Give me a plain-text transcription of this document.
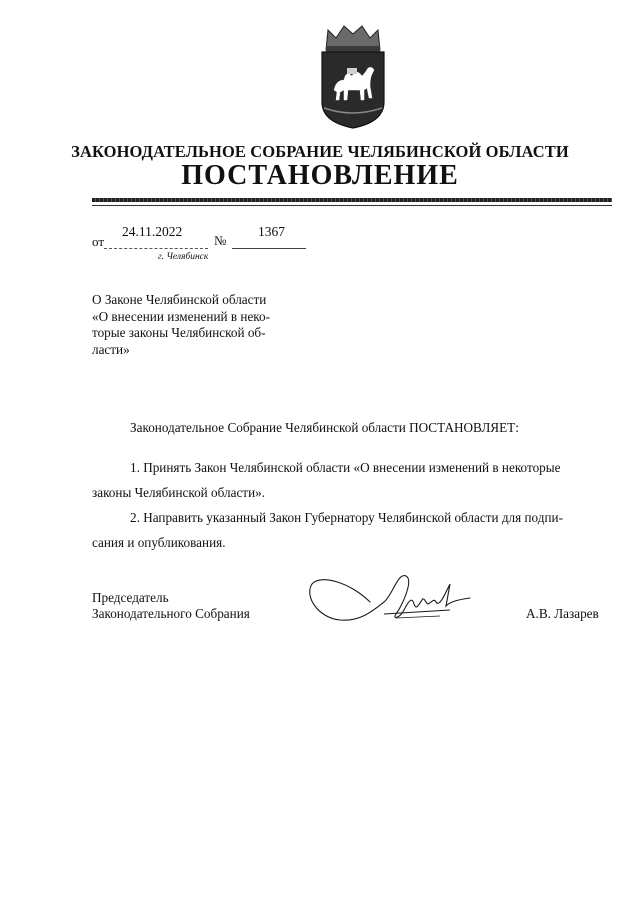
ЗАКОНОДАТЕЛЬНОЕ СОБРАНИЕ ЧЕЛЯБИНСКОЙ ОБЛАСТИ
ПОСТАНОВЛЕНИЕ
от
24.11.2022
№
1367
г. Челябинск
О Законе Челябинской области
«О внесении изменений в неко-
торые законы Челябинской об-
ласти»
Законодательное Собрание Челябинской области ПОСТАНОВЛЯЕТ:
1. Принять Закон Челябинской области «О внесении изменений в некоторые
законы Челябинской области».
2. Направить указанный Закон Губернатору Челябинской области для подпи-
сания и опубликования.
Председатель
Законодательного Собрания	А.В. Лазарев
